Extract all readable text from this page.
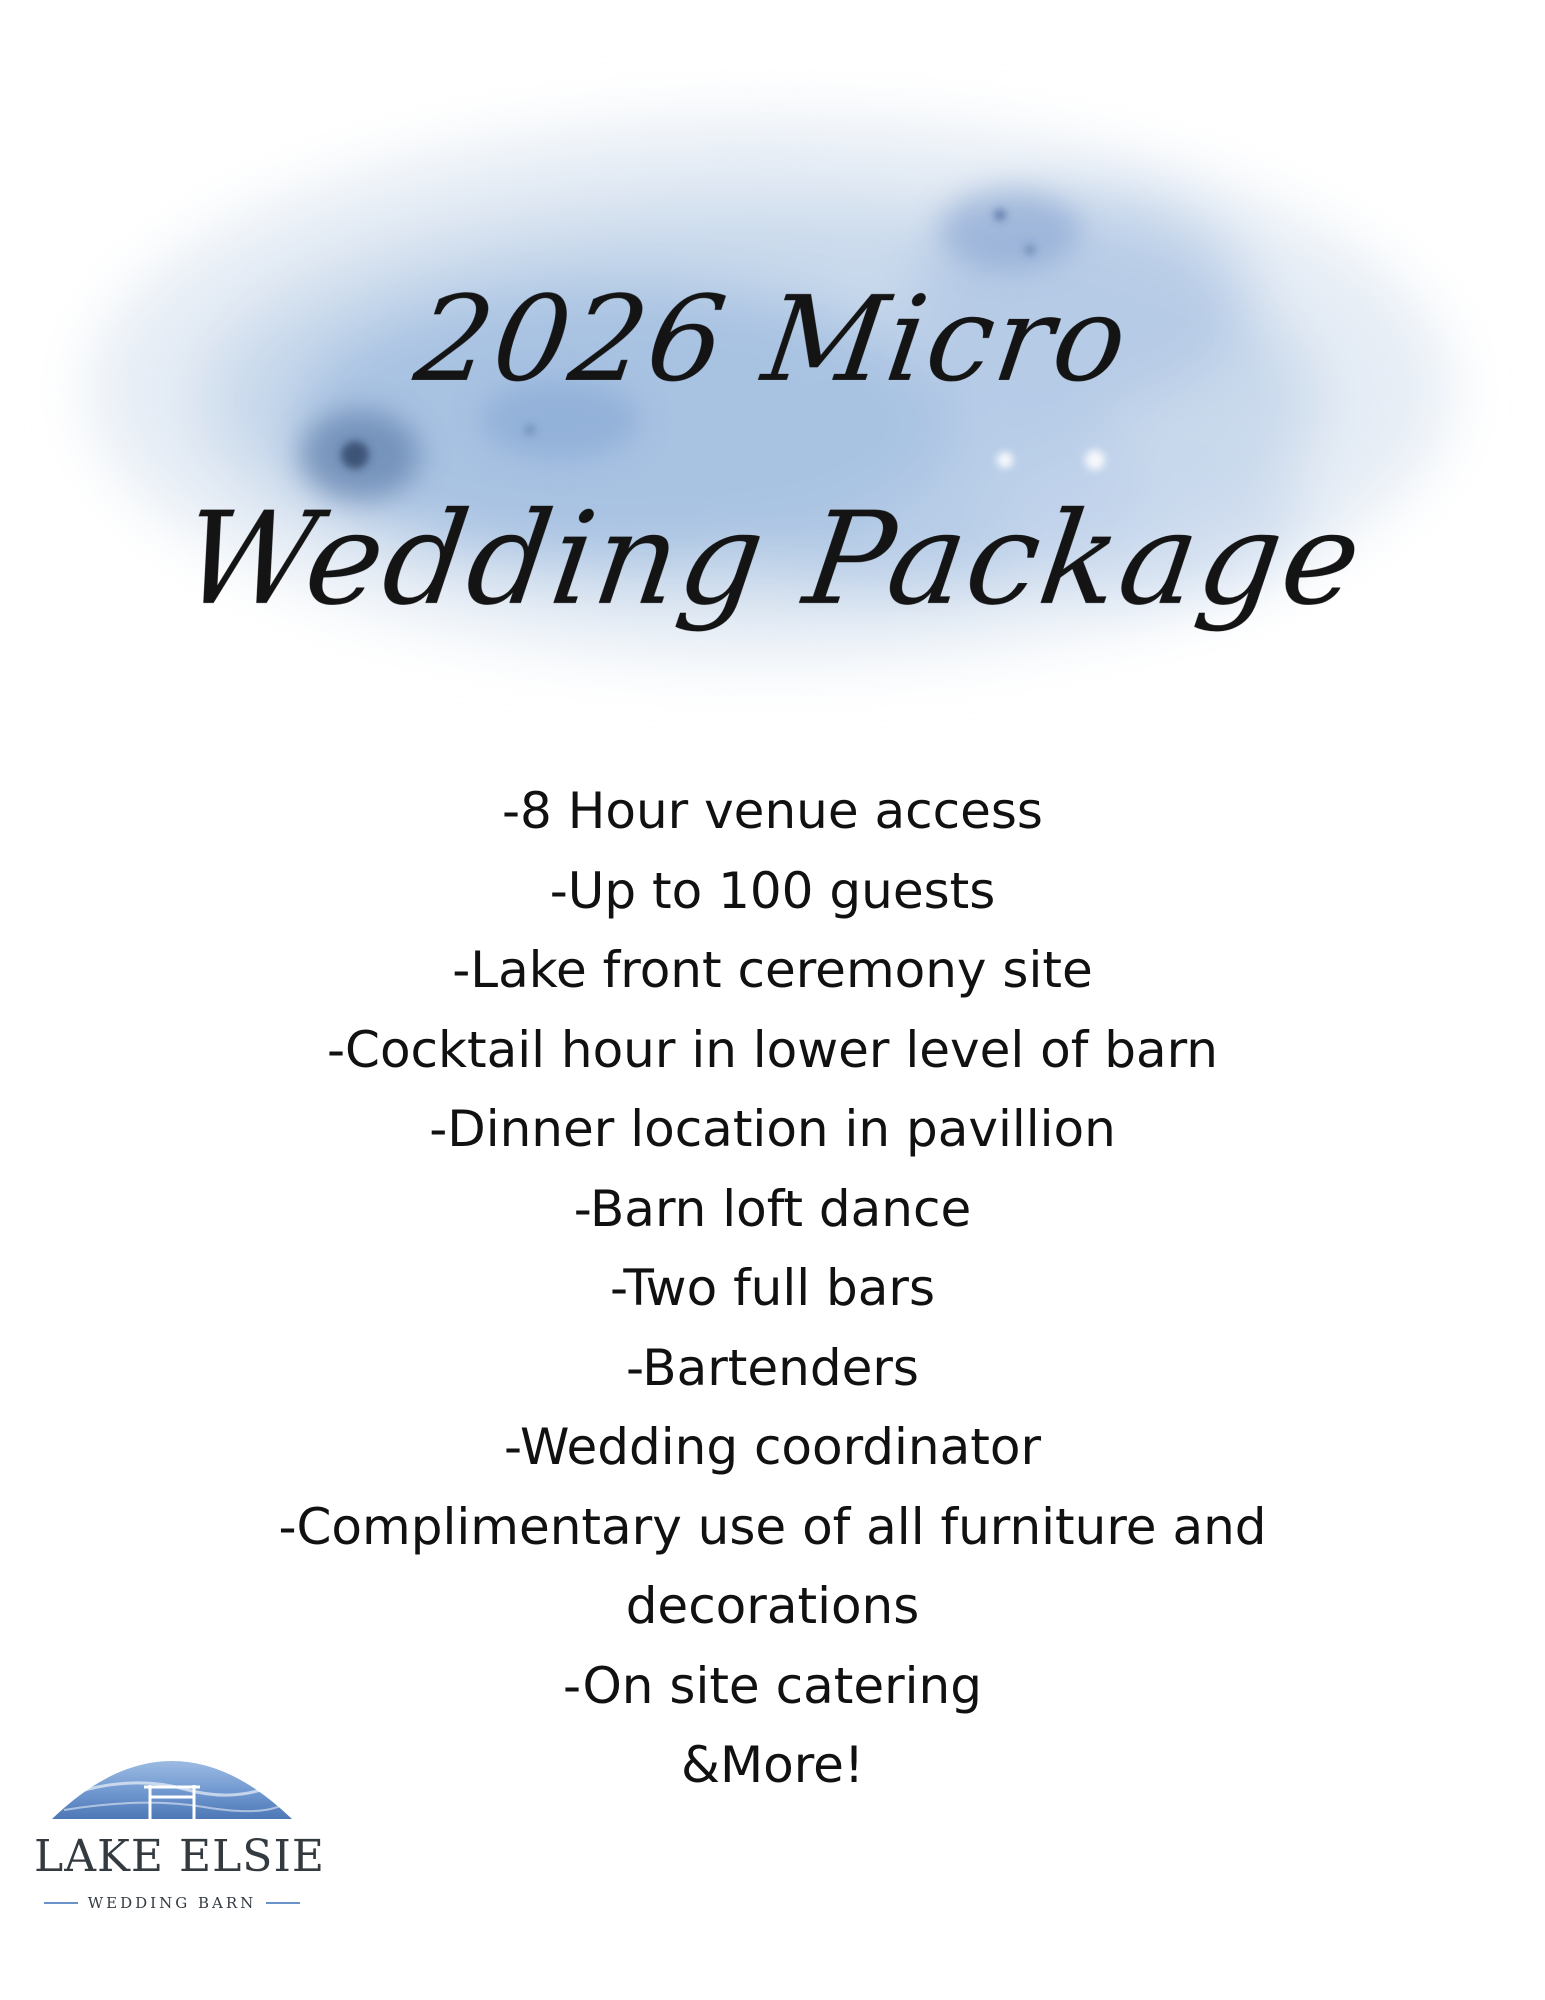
2026 Micro
Wedding Package
-8 Hour venue access
-Up to 100 guests
-Lake front ceremony site
-Cocktail hour in lower level of barn
-Dinner location in pavillion
-Barn loft dance
-Two full bars
-Bartenders
-Wedding coordinator
-Complimentary use of all furniture and
decorations
-On site catering
&More!
LAKE ELSIE
WEDDING BARN
